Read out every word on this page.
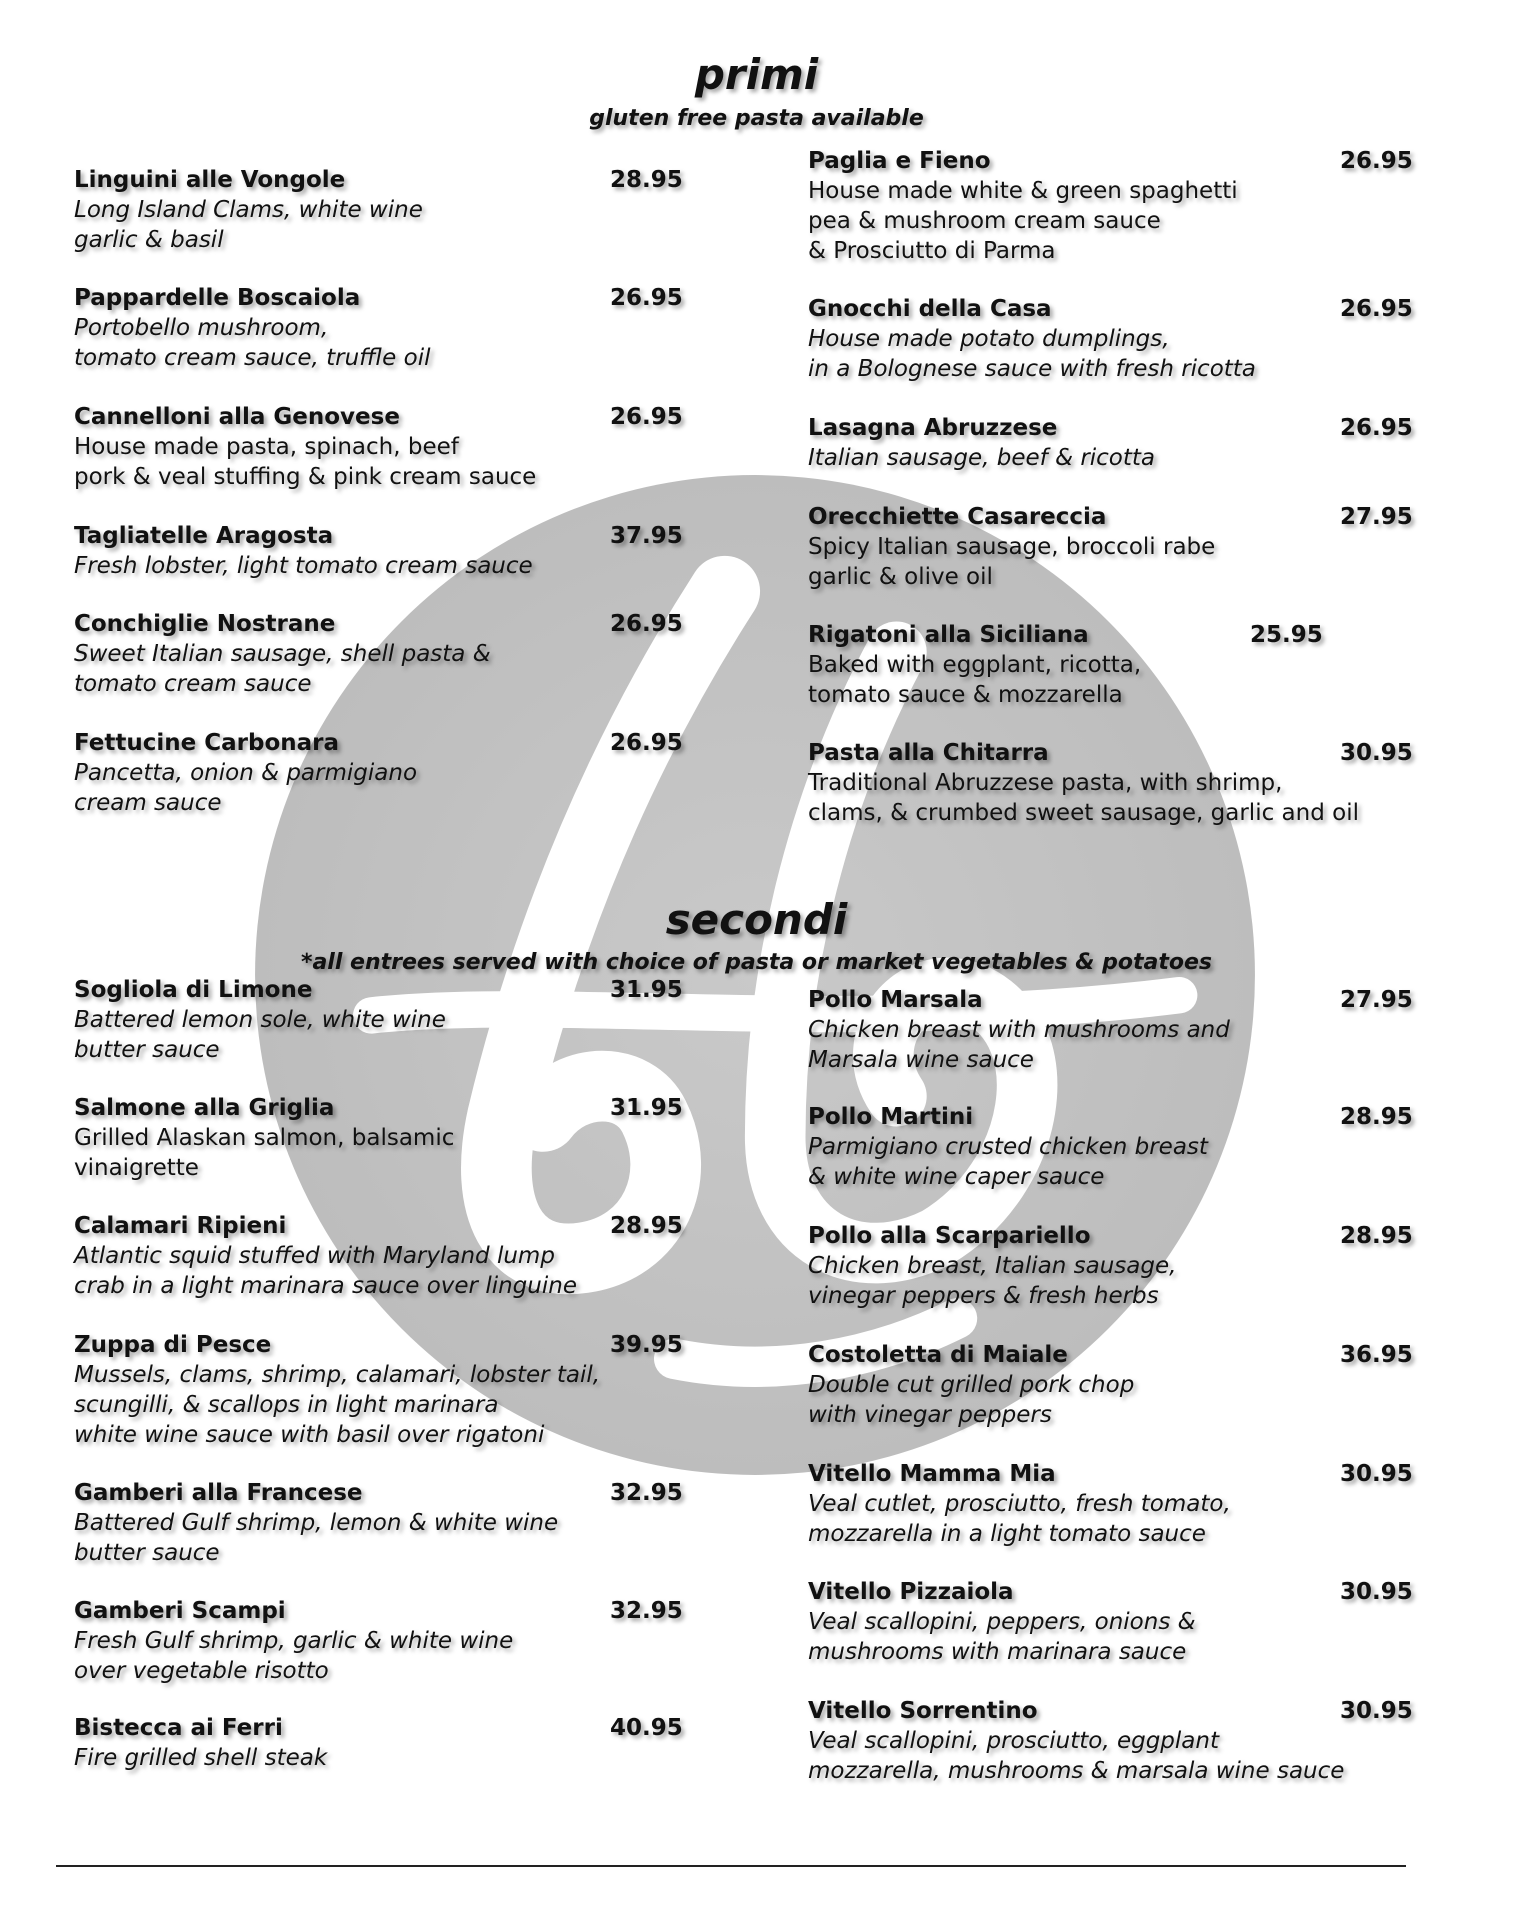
primi
gluten free pasta available
Linguini alle Vongole	28.95
Long Island Clams, white wine
garlic & basil
Pappardelle Boscaiola	26.95
Portobello mushroom,
tomato cream sauce, truffle oil
Cannelloni alla Genovese	26.95
House made pasta, spinach, beef
pork & veal stuffing & pink cream sauce
Tagliatelle Aragosta	37.95
Fresh lobster, light tomato cream sauce
Conchiglie Nostrane	26.95
Sweet Italian sausage, shell pasta &
tomato cream sauce
Fettucine Carbonara	26.95
Pancetta, onion & parmigiano
cream sauce
Paglia e Fieno	26.95
House made white & green spaghetti
pea & mushroom cream sauce
& Prosciutto di Parma
Gnocchi della Casa	26.95
House made potato dumplings,
in a Bolognese sauce with fresh ricotta
Lasagna Abruzzese	26.95
Italian sausage, beef & ricotta
Orecchiette Casareccia	27.95
Spicy Italian sausage, broccoli rabe
garlic & olive oil
Rigatoni alla Siciliana	25.95
Baked with eggplant, ricotta,
tomato sauce & mozzarella
Pasta alla Chitarra	30.95
Traditional Abruzzese pasta, with shrimp,
clams, & crumbed sweet sausage, garlic and oil
secondi
*all entrees served with choice of pasta or market vegetables & potatoes
Sogliola di Limone	31.95
Battered lemon sole, white wine
butter sauce
Salmone alla Griglia	31.95
Grilled Alaskan salmon, balsamic
vinaigrette
Calamari Ripieni	28.95
Atlantic squid stuffed with Maryland lump
crab in a light marinara sauce over linguine
Zuppa di Pesce	39.95
Mussels, clams, shrimp, calamari, lobster tail,
scungilli, & scallops in light marinara
white wine sauce with basil over rigatoni
Gamberi alla Francese	32.95
Battered Gulf shrimp, lemon & white wine
butter sauce
Gamberi Scampi	32.95
Fresh Gulf shrimp, garlic & white wine
over vegetable risotto
Bistecca ai Ferri	40.95
Fire grilled shell steak
Pollo Marsala	27.95
Chicken breast with mushrooms and
Marsala wine sauce
Pollo Martini	28.95
Parmigiano crusted chicken breast
& white wine caper sauce
Pollo alla Scarpariello	28.95
Chicken breast, Italian sausage,
vinegar peppers & fresh herbs
Costoletta di Maiale	36.95
Double cut grilled pork chop
with vinegar peppers
Vitello Mamma Mia	30.95
Veal cutlet, prosciutto, fresh tomato,
mozzarella in a light tomato sauce
Vitello Pizzaiola	30.95
Veal scallopini, peppers, onions &
mushrooms with marinara sauce
Vitello Sorrentino	30.95
Veal scallopini, prosciutto, eggplant
mozzarella, mushrooms & marsala wine sauce
